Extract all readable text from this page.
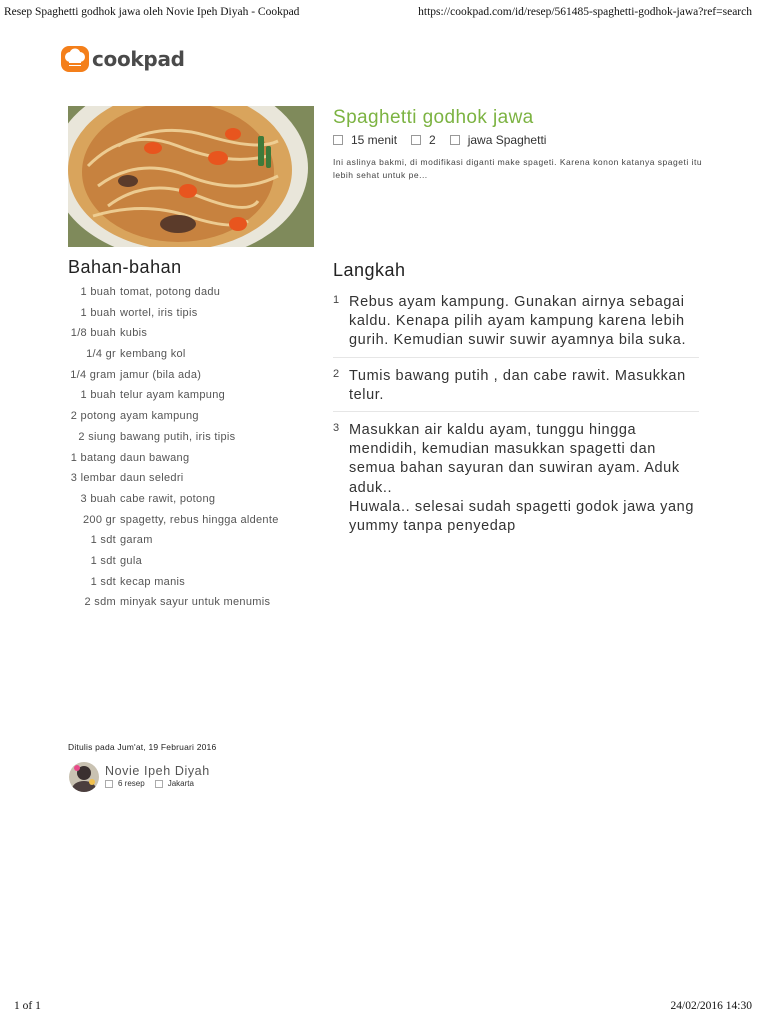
Resep Spaghetti godhok jawa oleh Novie Ipeh Diyah - Cookpad	https://cookpad.com/id/resep/561485-spaghetti-godhok-jawa?ref=search
cookpad
Spaghetti godhok jawa
15 menit	2	jawa Spaghetti
Ini aslinya bakmi, di modifikasi diganti make spageti. Karena konon katanya spageti itu lebih sehat untuk pe...
Bahan-bahan
1 buah tomat, potong dadu
1 buah wortel, iris tipis
1/8 buah kubis
1/4 gr kembang kol
1/4 gram jamur (bila ada)
1 buah telur ayam kampung
2 potong ayam kampung
2 siung bawang putih, iris tipis
1 batang daun bawang
3 lembar daun seledri
3 buah cabe rawit, potong
200 gr spagetty, rebus hingga aldente
1 sdt garam
1 sdt gula
1 sdt kecap manis
2 sdm minyak sayur untuk menumis
Langkah
1 Rebus ayam kampung. Gunakan airnya sebagai kaldu. Kenapa pilih ayam kampung karena lebih gurih. Kemudian suwir suwir ayamnya bila suka.
2 Tumis bawang putih , dan cabe rawit. Masukkan telur.
3 Masukkan air kaldu ayam, tunggu hingga mendidih, kemudian masukkan spagetti dan semua bahan sayuran dan suwiran ayam. Aduk aduk..
Huwala.. selesai sudah spagetti godok jawa yang yummy tanpa penyedap
Ditulis pada Jum'at, 19 Februari 2016
Novie Ipeh Diyah
6 resep	Jakarta
1 of 1	24/02/2016 14:30
